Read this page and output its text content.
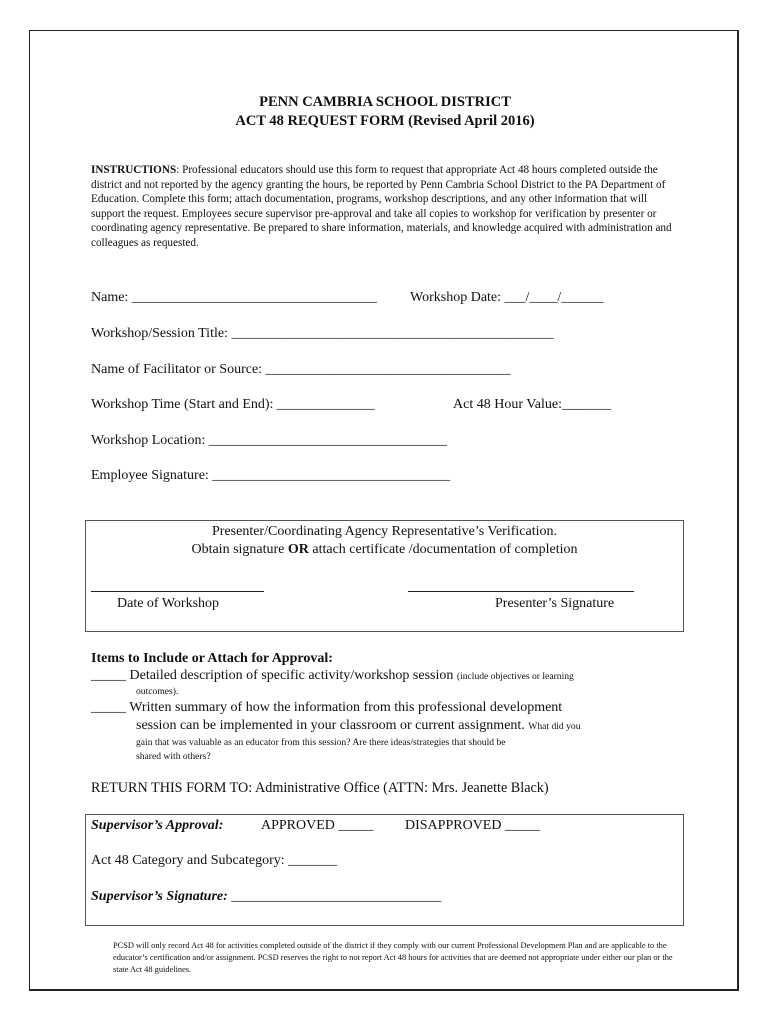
PENN CAMBRIA SCHOOL DISTRICT
ACT 48 REQUEST FORM (Revised April 2016)
INSTRUCTIONS: Professional educators should use this form to request that appropriate Act 48 hours completed outside the district and not reported by the agency granting the hours, be reported by Penn Cambria School District to the PA Department of Education. Complete this form; attach documentation, programs, workshop descriptions, and any other information that will support the request. Employees secure supervisor pre-approval and take all copies to workshop for verification by presenter or coordinating agency representative. Be prepared to share information, materials, and knowledge acquired with administration and colleagues as requested.
Name: ___________________________________ Workshop Date: ___/____/______
Workshop/Session Title: ______________________________________________
Name of Facilitator or Source: ___________________________________
Workshop Time (Start and End): ______________	Act 48 Hour Value:_______
Workshop Location: __________________________________
Employee Signature: __________________________________
Presenter/Coordinating Agency Representative’s Verification.
Obtain signature OR attach certificate /documentation of completion
Date of Workshop	Presenter’s Signature
Items to Include or Attach for Approval:
_____ Detailed description of specific activity/workshop session (include objectives or learning
outcomes).
_____ Written summary of how the information from this professional development
session can be implemented in your classroom or current assignment. What did you
gain that was valuable as an educator from this session? Are there ideas/strategies that should be
shared with others?
RETURN THIS FORM TO: Administrative Office (ATTN: Mrs. Jeanette Black)
Supervisor’s Approval:	APPROVED _____ DISAPPROVED _____
Act 48 Category and Subcategory: _______
Supervisor’s Signature: ______________________________
PCSD will only record Act 48 for activities completed outside of the district if they comply with our current Professional Development Plan and are applicable to the educator’s certification and/or assignment. PCSD reserves the right to not report Act 48 hours for activities that are deemed not appropriate under either our plan or the state Act 48 guidelines.
